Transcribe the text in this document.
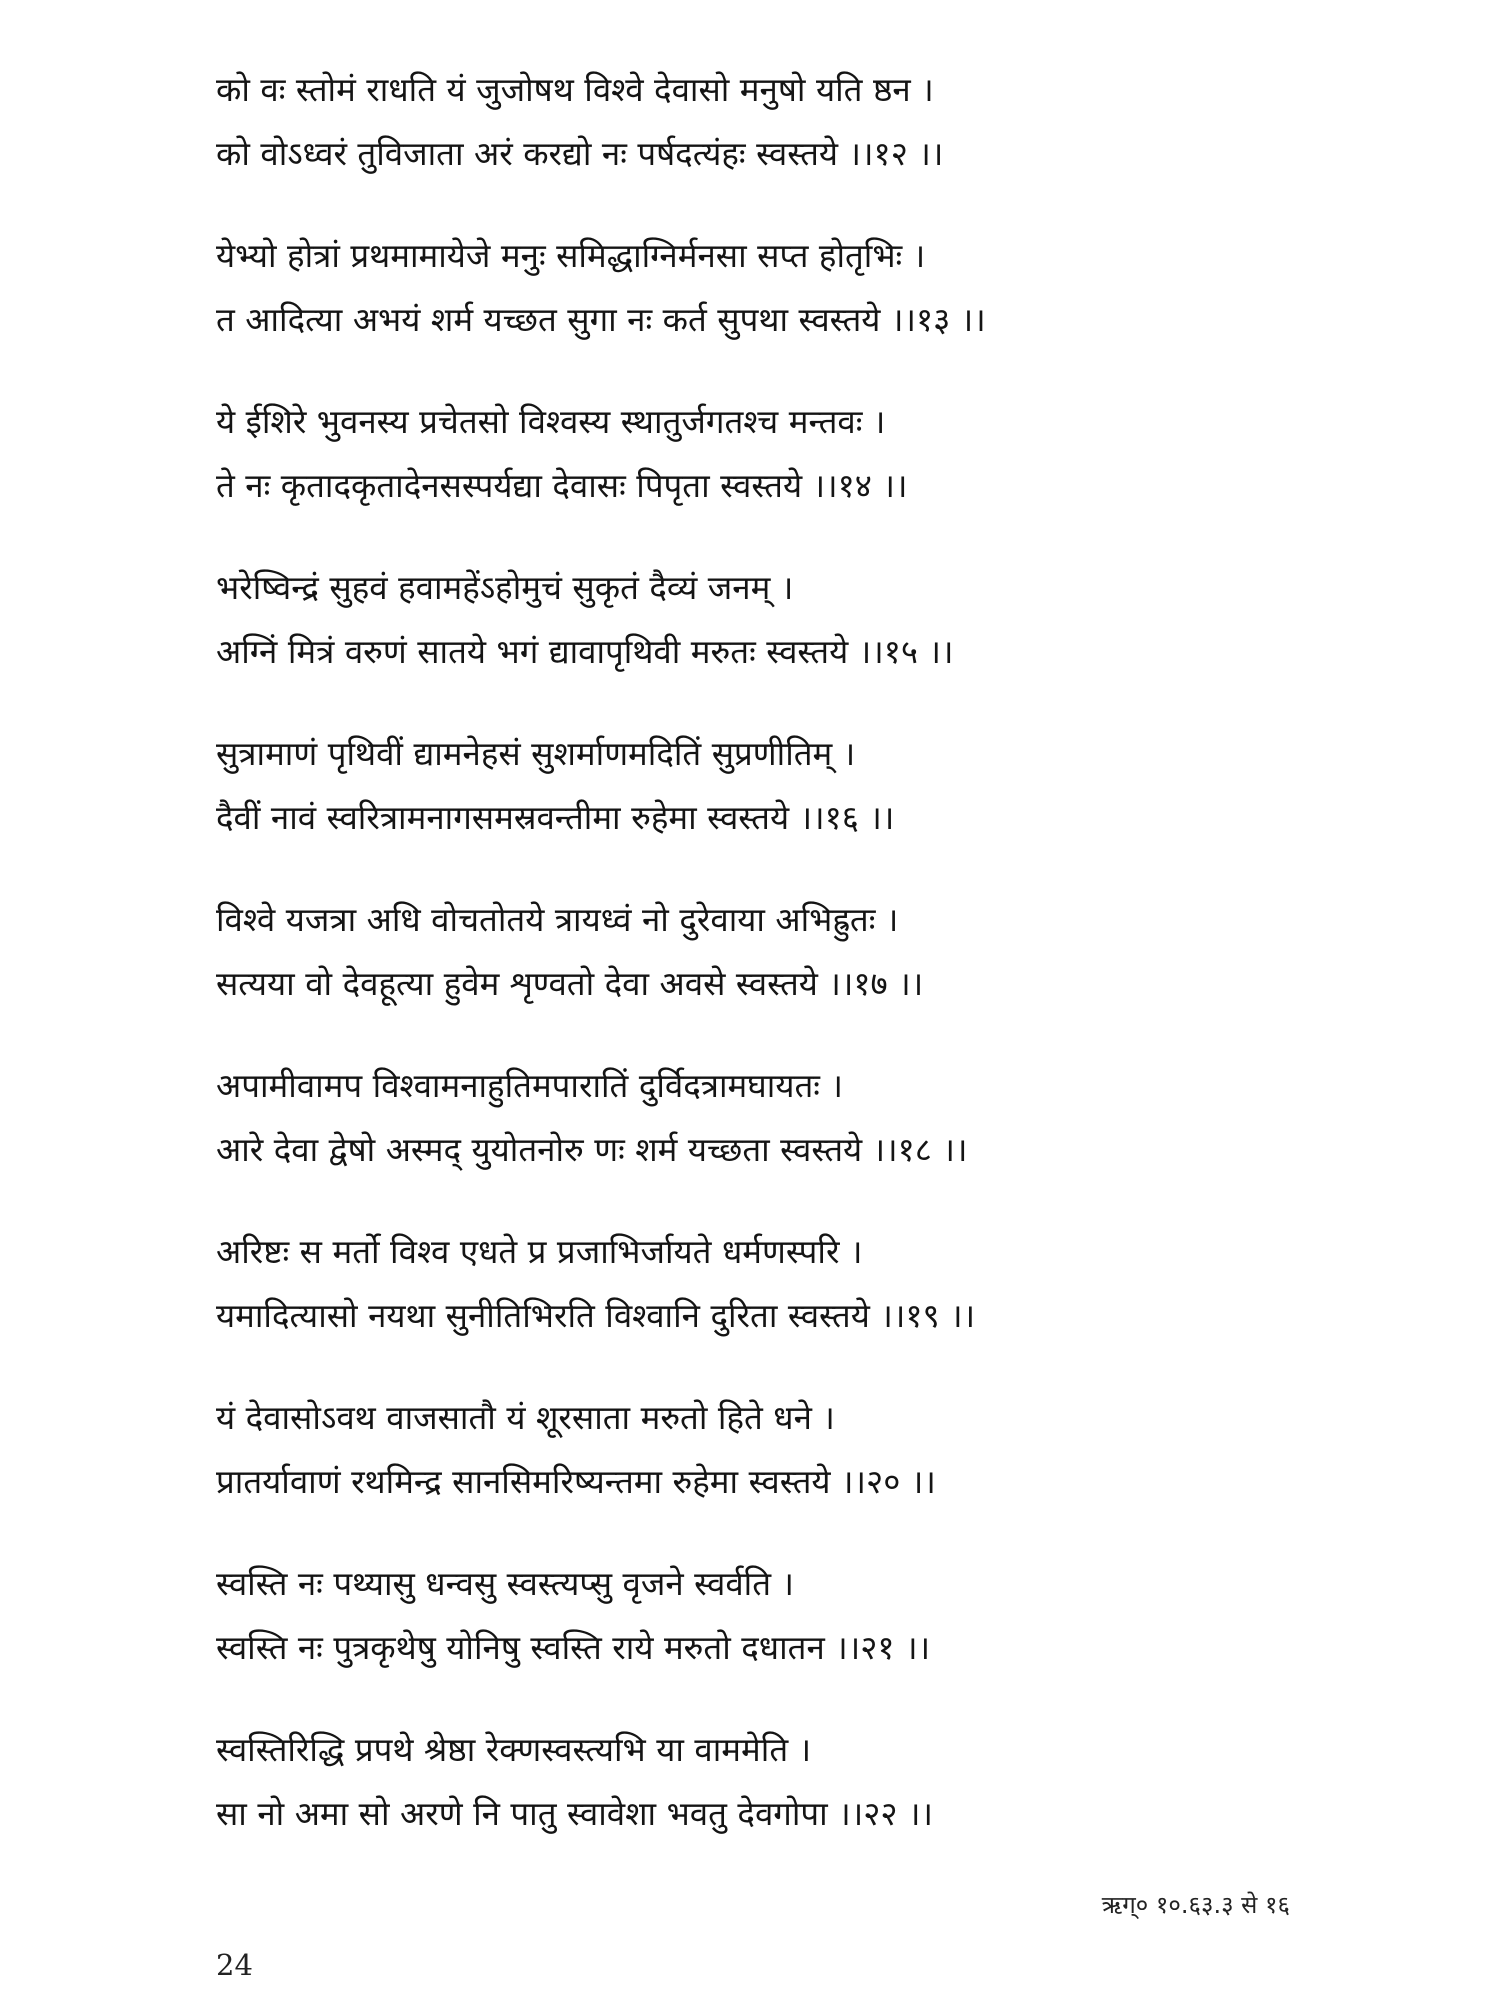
को वः स्तोमं राधति यं जुजोषथ विश्वे देवासो मनुषो यति ष्ठन ।
को वोऽध्वरं तुविजाता अरं करद्यो नः पर्षदत्यंहः स्वस्तये ।।१२ ।।
येभ्यो होत्रां प्रथमामायेजे मनुः समिद्धाग्निर्मनसा सप्त होतृभिः ।
त आदित्या अभयं शर्म यच्छत सुगा नः कर्त सुपथा स्वस्तये ।।१३ ।।
ये ईशिरे भुवनस्य प्रचेतसो विश्वस्य स्थातुर्जगतश्च मन्तवः ।
ते नः कृतादकृतादेनसस्पर्यद्या देवासः पिपृता स्वस्तये ।।१४ ।।
भरेष्विन्द्रं सुहवं हवामहेंऽहोमुचं सुकृतं दैव्यं जनम् ।
अग्निं मित्रं वरुणं सातये भगं द्यावापृथिवी मरुतः स्वस्तये ।।१५ ।।
सुत्रामाणं पृथिवीं द्यामनेहसं सुशर्माणमदितिं सुप्रणीतिम् ।
दैवीं नावं स्वरित्रामनागसमस्रवन्तीमा रुहेमा स्वस्तये ।।१६ ।।
विश्वे यजत्रा अधि वोचतोतये त्रायध्वं नो दुरेवाया अभिह्रुतः ।
सत्यया वो देवहूत्या हुवेम शृण्वतो देवा अवसे स्वस्तये ।।१७ ।।
अपामीवामप विश्वामनाहुतिमपारातिं दुर्विदत्रामघायतः ।
आरे देवा द्वेषो अस्मद् युयोतनोरु णः शर्म यच्छता स्वस्तये ।।१८ ।।
अरिष्टः स मर्तो विश्व एधते प्र प्रजाभिर्जायते धर्मणस्परि ।
यमादित्यासो नयथा सुनीतिभिरति विश्वानि दुरिता स्वस्तये ।।१९ ।।
यं देवासोऽवथ वाजसातौ यं शूरसाता मरुतो हिते धने ।
प्रातर्यावाणं रथमिन्द्र सानसिमरिष्यन्तमा रुहेमा स्वस्तये ।।२० ।।
स्वस्ति नः पथ्यासु धन्वसु स्वस्त्यप्सु वृजने स्वर्वति ।
स्वस्ति नः पुत्रकृथेषु योनिषु स्वस्ति राये मरुतो दधातन ।।२१ ।।
स्वस्तिरिद्धि प्रपथे श्रेष्ठा रेक्णस्वस्त्यभि या वाममेति ।
सा नो अमा सो अरणे नि पातु स्वावेशा भवतु देवगोपा ।।२२ ।।
ऋग्० १०.६३.३ से १६
24
